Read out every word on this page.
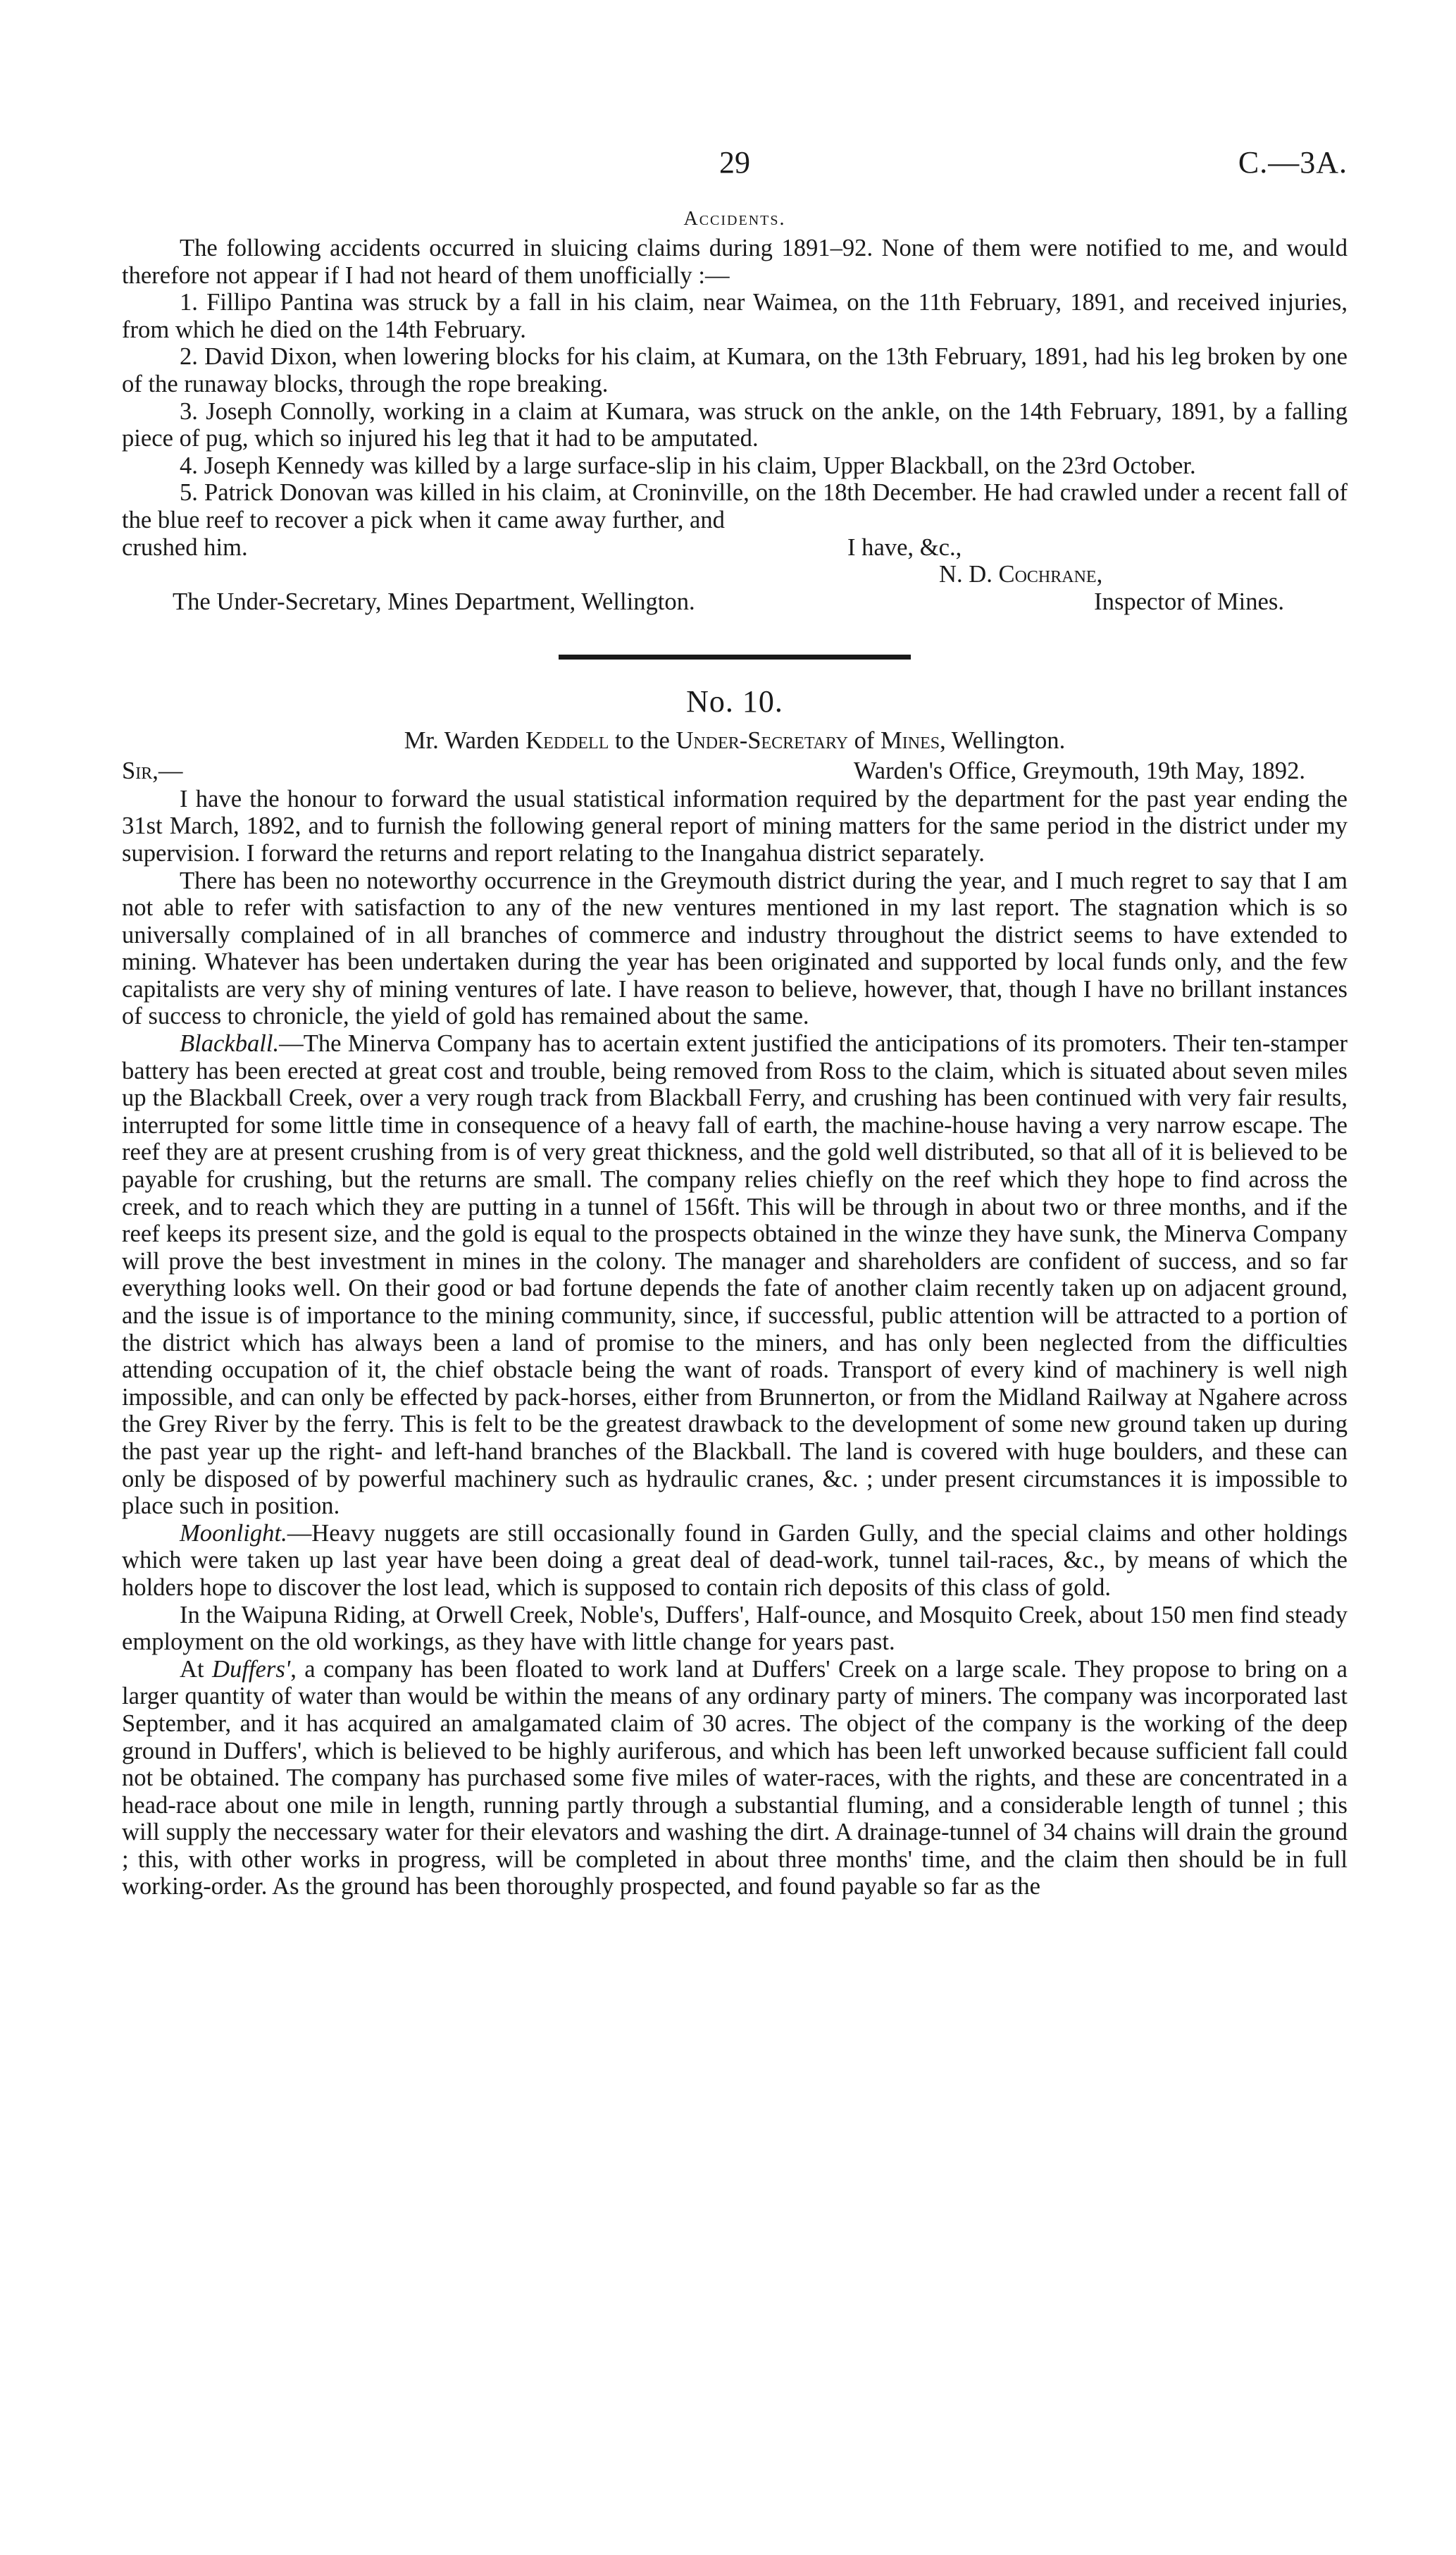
29	C.—3A.
Accidents.

The following accidents occurred in sluicing claims during 1891–92. None of them were notified to me, and would therefore not appear if I had not heard of them unofficially :—

1. Fillipo Pantina was struck by a fall in his claim, near Waimea, on the 11th February, 1891, and received injuries, from which he died on the 14th February.

2. David Dixon, when lowering blocks for his claim, at Kumara, on the 13th February, 1891, had his leg broken by one of the runaway blocks, through the rope breaking.

3. Joseph Connolly, working in a claim at Kumara, was struck on the ankle, on the 14th February, 1891, by a falling piece of pug, which so injured his leg that it had to be amputated.

4. Joseph Kennedy was killed by a large surface-slip in his claim, Upper Blackball, on the 23rd October.

5. Patrick Donovan was killed in his claim, at Croninville, on the 18th December. He had crawled under a recent fall of the blue reef to recover a pick when it came away further, and

crushed him.	I have, &c.,
N. D. Cochrane,
The Under-Secretary, Mines Department, Wellington.	Inspector of Mines.
No. 10.
Mr. Warden Keddell to the Under-Secretary of Mines, Wellington.
Sir,—	Warden's Office, Greymouth, 19th May, 1892.

I have the honour to forward the usual statistical information required by the department for the past year ending the 31st March, 1892, and to furnish the following general report of mining matters for the same period in the district under my supervision. I forward the returns and report relating to the Inangahua district separately.

There has been no noteworthy occurrence in the Greymouth district during the year, and I much regret to say that I am not able to refer with satisfaction to any of the new ventures mentioned in my last report. The stagnation which is so universally complained of in all branches of commerce and industry throughout the district seems to have extended to mining. Whatever has been undertaken during the year has been originated and supported by local funds only, and the few capitalists are very shy of mining ventures of late. I have reason to believe, however, that, though I have no brillant instances of success to chronicle, the yield of gold has remained about the same.

Blackball.—The Minerva Company has to acertain extent justified the anticipations of its promoters. Their ten-stamper battery has been erected at great cost and trouble, being removed from Ross to the claim, which is situated about seven miles up the Blackball Creek, over a very rough track from Blackball Ferry, and crushing has been continued with very fair results, interrupted for some little time in consequence of a heavy fall of earth, the machine-house having a very narrow escape. The reef they are at present crushing from is of very great thickness, and the gold well distributed, so that all of it is believed to be payable for crushing, but the returns are small. The company relies chiefly on the reef which they hope to find across the creek, and to reach which they are putting in a tunnel of 156ft. This will be through in about two or three months, and if the reef keeps its present size, and the gold is equal to the prospects obtained in the winze they have sunk, the Minerva Company will prove the best investment in mines in the colony. The manager and shareholders are confident of success, and so far everything looks well. On their good or bad fortune depends the fate of another claim recently taken up on adjacent ground, and the issue is of importance to the mining community, since, if successful, public attention will be attracted to a portion of the district which has always been a land of promise to the miners, and has only been neglected from the difficulties attending occupation of it, the chief obstacle being the want of roads. Transport of every kind of machinery is well nigh impossible, and can only be effected by pack-horses, either from Brunnerton, or from the Midland Railway at Ngahere across the Grey River by the ferry. This is felt to be the greatest drawback to the development of some new ground taken up during the past year up the right- and left-hand branches of the Blackball. The land is covered with huge boulders, and these can only be disposed of by powerful machinery such as hydraulic cranes, &c. ; under present circumstances it is impossible to place such in position.

Moonlight.—Heavy nuggets are still occasionally found in Garden Gully, and the special claims and other holdings which were taken up last year have been doing a great deal of dead-work, tunnel tail-races, &c., by means of which the holders hope to discover the lost lead, which is supposed to contain rich deposits of this class of gold.

In the Waipuna Riding, at Orwell Creek, Noble's, Duffers', Half-ounce, and Mosquito Creek, about 150 men find steady employment on the old workings, as they have with little change for years past.

At Duffers', a company has been floated to work land at Duffers' Creek on a large scale. They propose to bring on a larger quantity of water than would be within the means of any ordinary party of miners. The company was incorporated last September, and it has acquired an amalgamated claim of 30 acres. The object of the company is the working of the deep ground in Duffers', which is believed to be highly auriferous, and which has been left unworked because sufficient fall could not be obtained. The company has purchased some five miles of water-races, with the rights, and these are concentrated in a head-race about one mile in length, running partly through a substantial fluming, and a considerable length of tunnel ; this will supply the neccessary water for their elevators and washing the dirt. A drainage-tunnel of 34 chains will drain the ground ; this, with other works in progress, will be completed in about three months' time, and the claim then should be in full working-order. As the ground has been thoroughly prospected, and found payable so far as the
